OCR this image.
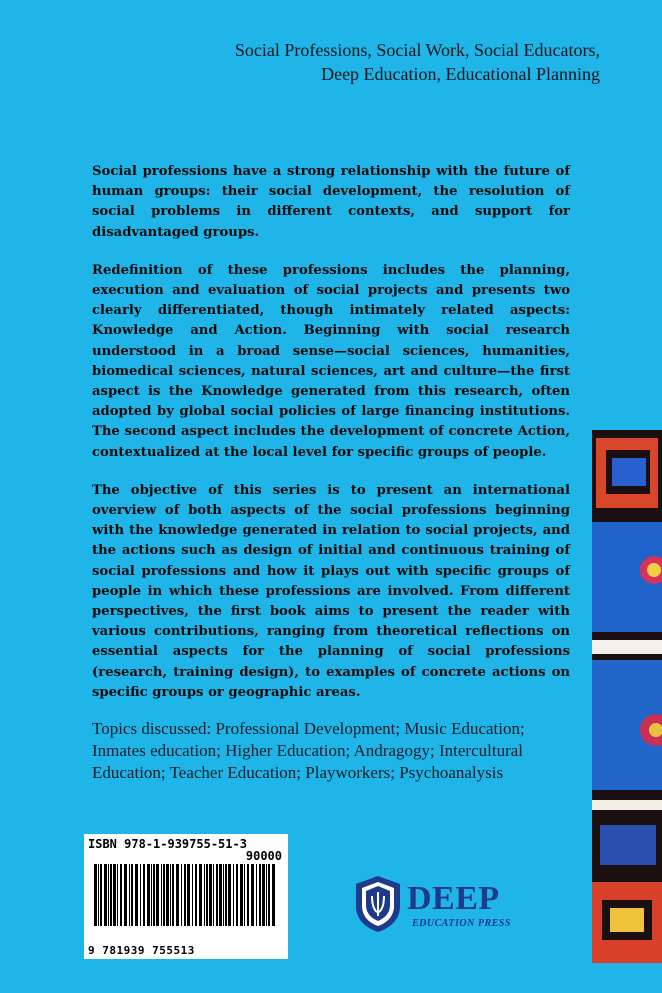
Social Professions, Social Work, Social Educators,
Deep Education, Educational Planning

Social professions have a strong relationship with the future of human groups: their social development, the resolution of social problems in different contexts, and support for disadvantaged groups.

Redefinition of these professions includes the planning, execution and evaluation of social projects and presents two clearly differentiated, though intimately related aspects: Knowledge and Action. Beginning with social research understood in a broad sense—social sciences, humanities, biomedical sciences, natural sciences, art and culture—the first aspect is the Knowledge generated from this research, often adopted by global social policies of large financing institutions. The second aspect includes the development of concrete Action, contextualized at the local level for specific groups of people.

The objective of this series is to present an international overview of both aspects of the social professions beginning with the knowledge generated in relation to social projects, and the actions such as design of initial and continuous training of social professions and how it plays out with specific groups of people in which these professions are involved. From different perspectives, the first book aims to present the reader with various contributions, ranging from theoretical reflections on essential aspects for the planning of social professions (research, training design), to examples of concrete actions on specific groups or geographic areas.

Topics discussed: Professional Development; Music Education;
Inmates education; Higher Education; Andragogy; Intercultural
Education; Teacher Education; Playworkers; Psychoanalysis
ISBN 978-1-939755-51-3
90000
9 781939 755513
DEEP
EDUCATION PRESS
